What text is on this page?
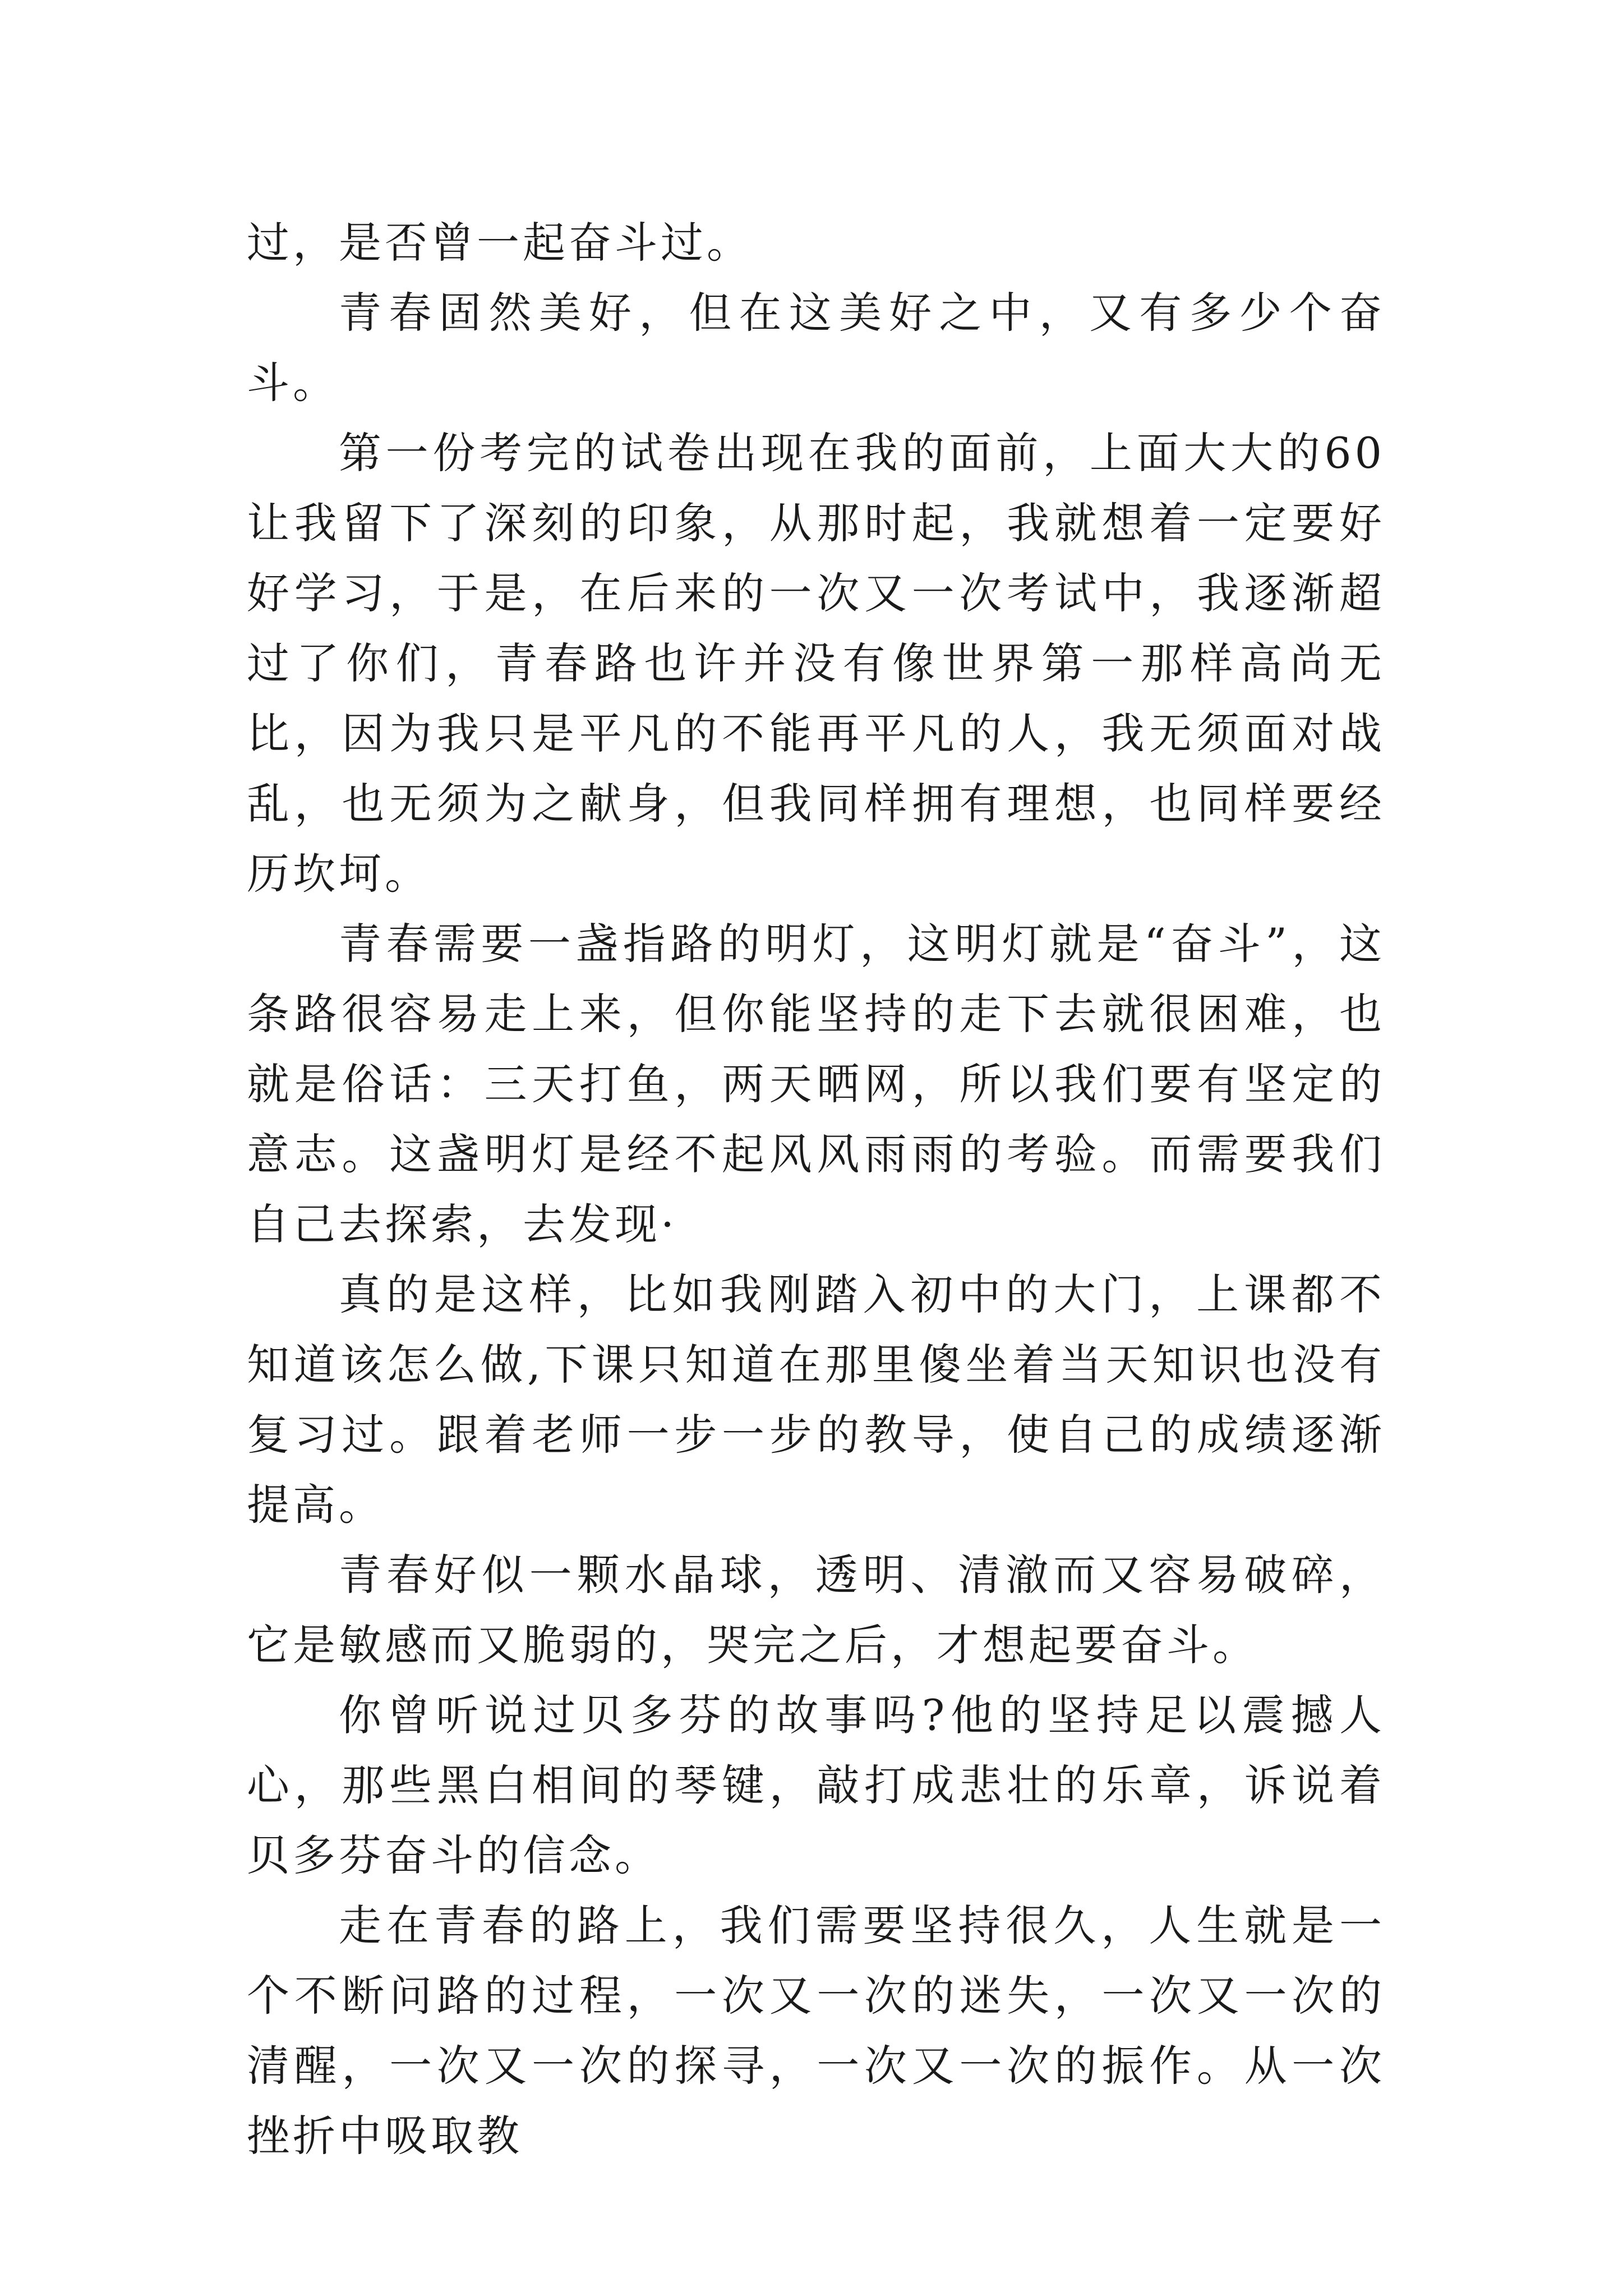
过，是否曾一起奋斗过。

青春固然美好，但在这美好之中，又有多少个奋斗。

第一份考完的试卷出现在我的面前，上面大大的60让我留下了深刻的印象，从那时起，我就想着一定要好好学习，于是，在后来的一次又一次考试中，我逐渐超过了你们，青春路也许并没有像世界第一那样高尚无比，因为我只是平凡的不能再平凡的人，我无须面对战乱，也无须为之献身，但我同样拥有理想，也同样要经历坎坷。

青春需要一盏指路的明灯，这明灯就是“奋斗”，这条路很容易走上来，但你能坚持的走下去就很困难，也就是俗话：三天打鱼，两天晒网，所以我们要有坚定的意志。这盏明灯是经不起风风雨雨的考验。而需要我们自己去探索，去发现·

真的是这样，比如我刚踏入初中的大门，上课都不知道该怎么做,下课只知道在那里傻坐着当天知识也没有复习过。跟着老师一步一步的教导，使自己的成绩逐渐提高。

青春好似一颗水晶球，透明、清澈而又容易破碎，它是敏感而又脆弱的，哭完之后，才想起要奋斗。

你曾听说过贝多芬的故事吗?他的坚持足以震撼人心，那些黑白相间的琴键，敲打成悲壮的乐章，诉说着贝多芬奋斗的信念。

走在青春的路上，我们需要坚持很久，人生就是一个不断问路的过程，一次又一次的迷失，一次又一次的清醒，一次又一次的探寻，一次又一次的振作。从一次挫折中吸取教
